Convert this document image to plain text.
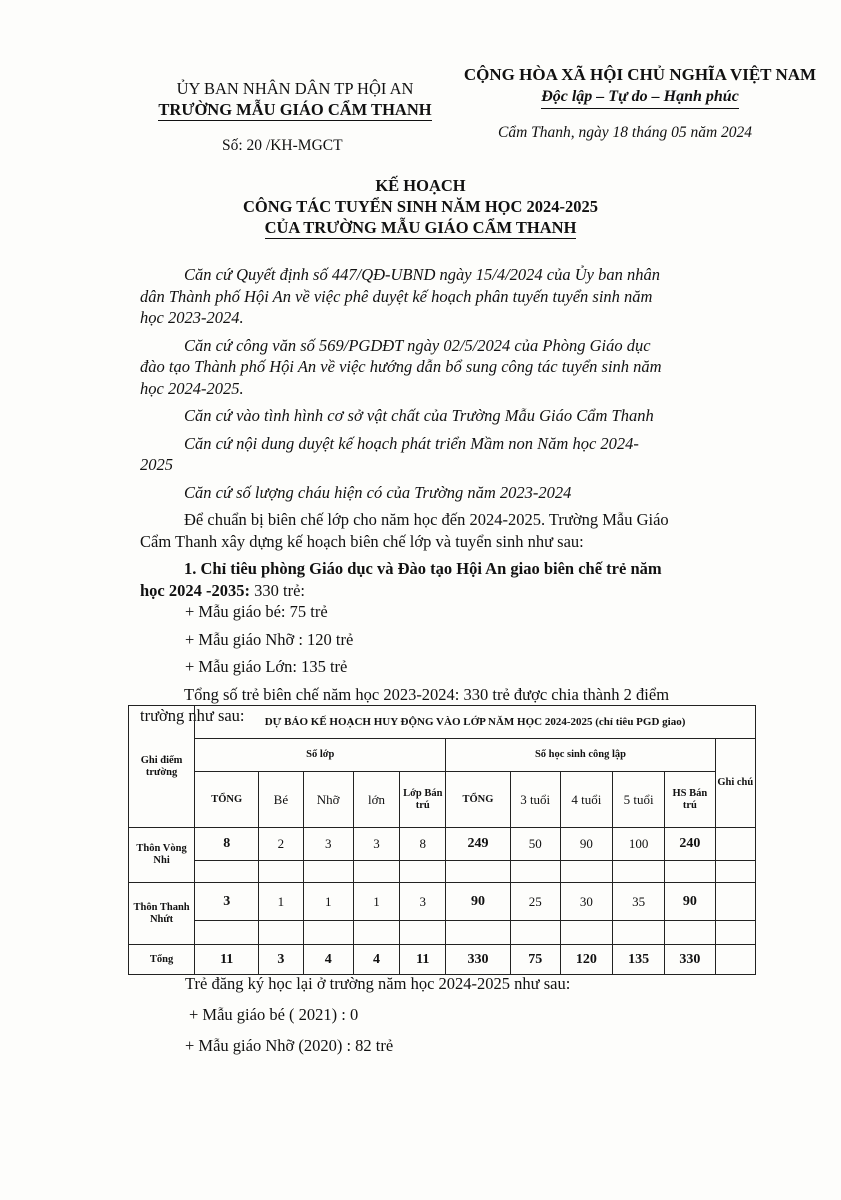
ỦY BAN NHÂN DÂN TP HỘI AN
TRƯỜNG MẪU GIÁO CẨM THANH
CỘNG HÒA XÃ HỘI CHỦ NGHĨA VIỆT NAM
Độc lập – Tự do – Hạnh phúc
Cẩm Thanh, ngày 18 tháng 05 năm 2024
Số: 20 /KH-MGCT
KẾ HOẠCH
CÔNG TÁC TUYỂN SINH NĂM HỌC 2024-2025
CỦA TRƯỜNG MẪU GIÁO CẨM THANH

Căn cứ Quyết định số 447/QĐ-UBND ngày 15/4/2024 của Ủy ban nhân dân Thành phố Hội An về việc phê duyệt kế hoạch phân tuyến tuyển sinh năm học 2023-2024.

Căn cứ công văn số 569/PGDĐT ngày 02/5/2024 của Phòng Giáo dục đào tạo Thành phố Hội An về việc hướng dẫn bổ sung công tác tuyển sinh năm học 2024-2025.

Căn cứ vào tình hình cơ sở vật chất của Trường Mẫu Giáo Cẩm Thanh

Căn cứ nội dung duyệt kế hoạch phát triển Mầm non Năm học 2024-2025

Căn cứ số lượng cháu hiện có của Trường năm 2023-2024

Để chuẩn bị biên chế lớp cho năm học đến 2024-2025. Trường Mẫu Giáo Cẩm Thanh xây dựng kế hoạch biên chế lớp và tuyển sinh như sau:

1. Chỉ tiêu phòng Giáo dục và Đào tạo Hội An giao biên chế trẻ năm học 2024 -2035: 330 trẻ:

+ Mẫu giáo bé: 75 trẻ

+ Mẫu giáo Nhỡ : 120 trẻ

+ Mẫu giáo Lớn: 135 trẻ

Tổng số trẻ biên chế năm học 2023-2024: 330 trẻ được chia thành 2 điểm trường như sau:

Ghi điểm trường	DỰ BÁO KẾ HOẠCH HUY ĐỘNG VÀO LỚP NĂM HỌC 2024-2025 (chỉ tiêu PGD giao)										
	Số lớp					Số học sinh công lập					Ghi chú
	TỔNG	Bé	Nhỡ	lớn	Lớp Bán trú	TỔNG	3 tuổi	4 tuổi	5 tuổi	HS Bán trú	
Thôn Vòng Nhi	8	2	3	3	8	249	50	90	100	240	

Thôn Thanh Nhứt	3	1	1	1	3	90	25	30	35	90	

Tổng	11	3	4	4	11	330	75	120	135	330	
Trẻ đăng ký học lại ở trường năm học 2024-2025 như sau:
+ Mẫu giáo bé ( 2021) : 0
+ Mẫu giáo Nhỡ (2020) : 82 trẻ
